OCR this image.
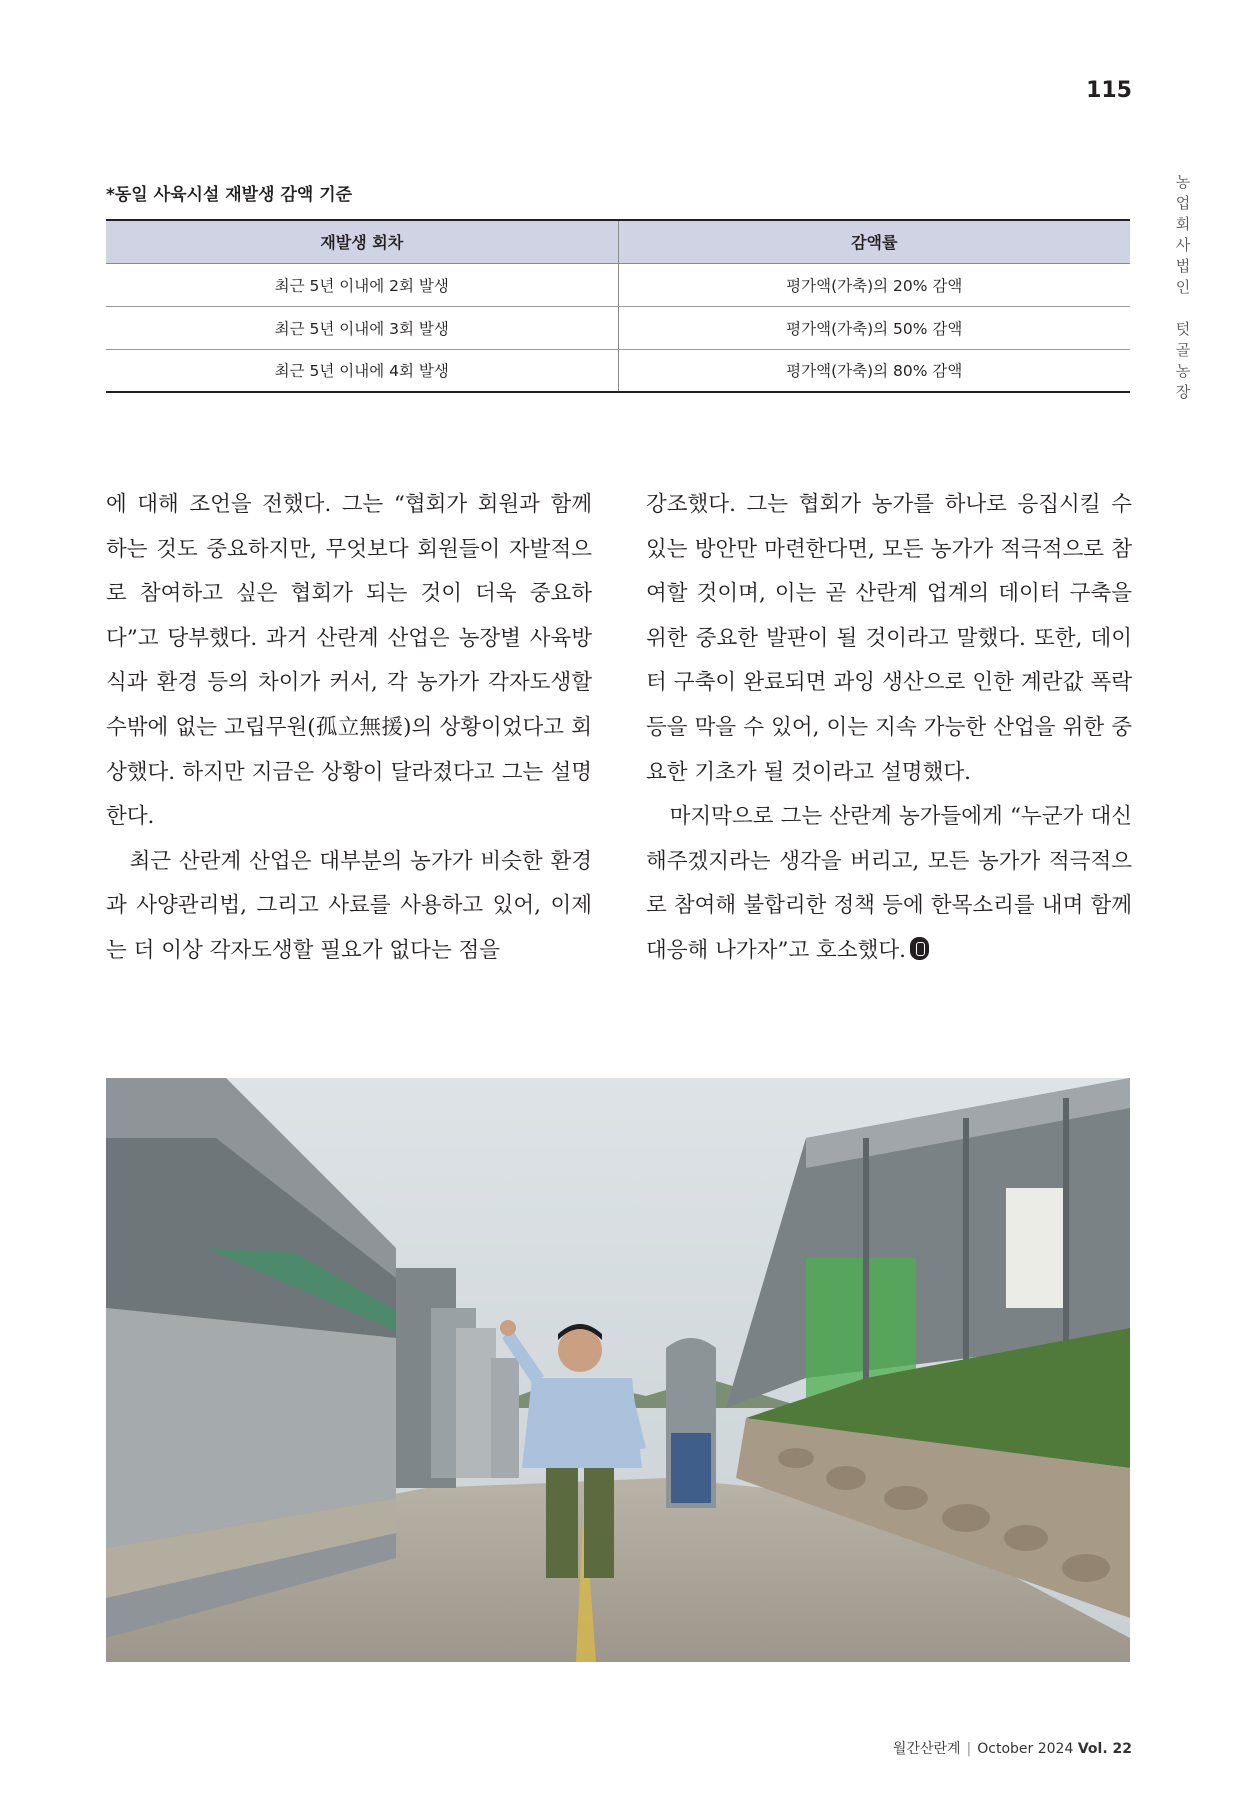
115
농
업
회
사
법
인
텃
골
농
장
*동일 사육시설 재발생 감액 기준
재발생 회차	감액률
최근 5년 이내에 2회 발생	평가액(가축)의 20% 감액
최근 5년 이내에 3회 발생	평가액(가축)의 50% 감액
최근 5년 이내에 4회 발생	평가액(가축)의 80% 감액

에 대해 조언을 전했다. 그는 “협회가 회원과 함께 하는 것도 중요하지만, 무엇보다 회원들이 자발적으로 참여하고 싶은 협회가 되는 것이 더욱 중요하다”고 당부했다. 과거 산란계 산업은 농장별 사육방식과 환경 등의 차이가 커서, 각 농가가 각자도생할 수밖에 없는 고립무원(孤立無援)의 상황이었다고 회상했다. 하지만 지금은 상황이 달라졌다고 그는 설명한다.

최근 산란계 산업은 대부분의 농가가 비슷한 환경과 사양관리법, 그리고 사료를 사용하고 있어, 이제는 더 이상 각자도생할 필요가 없다는 점을

강조했다. 그는 협회가 농가를 하나로 응집시킬 수 있는 방안만 마련한다면, 모든 농가가 적극적으로 참여할 것이며, 이는 곧 산란계 업계의 데이터 구축을 위한 중요한 발판이 될 것이라고 말했다. 또한, 데이터 구축이 완료되면 과잉 생산으로 인한 계란값 폭락 등을 막을 수 있어, 이는 지속 가능한 산업을 위한 중요한 기초가 될 것이라고 설명했다.

마지막으로 그는 산란계 농가들에게 “누군가 대신 해주겠지라는 생각을 버리고, 모든 농가가 적극적으로 참여해 불합리한 정책 등에 한목소리를 내며 함께 대응해 나가자”고 호소했다.

월간산란계 | October 2024 Vol. 22
